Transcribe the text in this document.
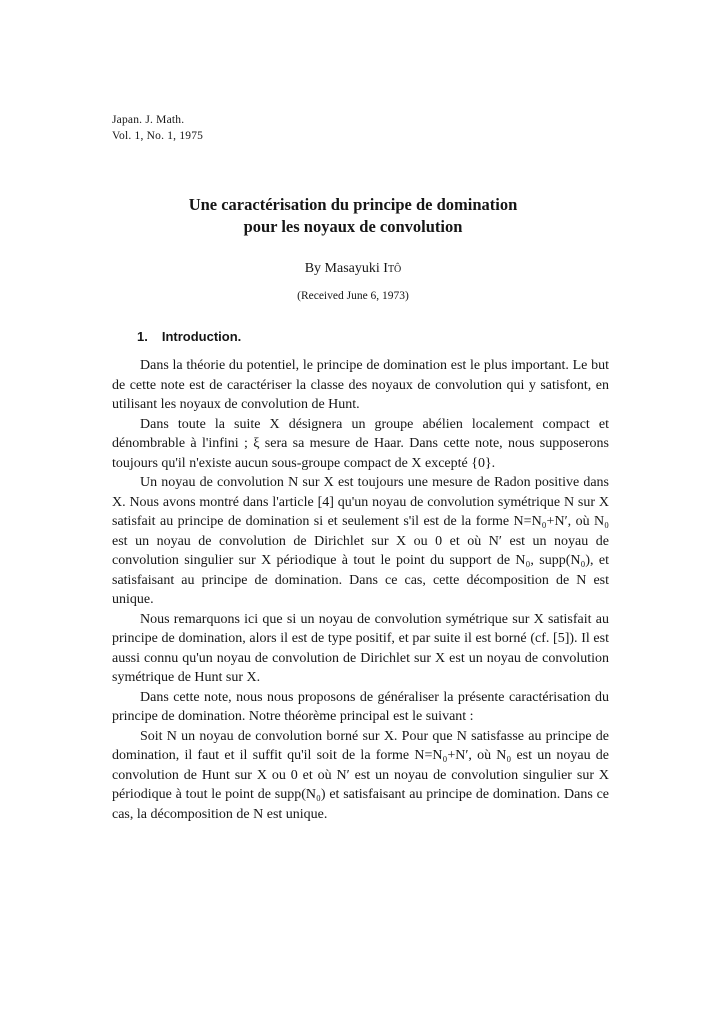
Japan. J. Math.
Vol. 1, No. 1, 1975
Une caractérisation du principe de domination
pour les noyaux de convolution
By Masayuki Itô
(Received June 6, 1973)
1. Introduction.

Dans la théorie du potentiel, le principe de domination est le plus important. Le but de cette note est de caractériser la classe des noyaux de convolution qui y satisfont, en utilisant les noyaux de convolution de Hunt.

Dans toute la suite X désignera un groupe abélien localement compact et dénombrable à l'infini ; ξ sera sa mesure de Haar. Dans cette note, nous supposerons toujours qu'il n'existe aucun sous-groupe compact de X excepté {0}.

Un noyau de convolution N sur X est toujours une mesure de Radon positive dans X. Nous avons montré dans l'article [4] qu'un noyau de convolution symétrique N sur X satisfait au principe de domination si et seulement s'il est de la forme N=N₀+N′, où N₀ est un noyau de convolution de Dirichlet sur X ou 0 et où N′ est un noyau de convolution singulier sur X périodique à tout le point du support de N₀, supp(N₀), et satisfaisant au principe de domination. Dans ce cas, cette décomposition de N est unique.

Nous remarquons ici que si un noyau de convolution symétrique sur X satisfait au principe de domination, alors il est de type positif, et par suite il est borné (cf. [5]). Il est aussi connu qu'un noyau de convolution de Dirichlet sur X est un noyau de convolution symétrique de Hunt sur X.

Dans cette note, nous nous proposons de généraliser la présente caractérisation du principe de domination. Notre théorème principal est le suivant :

Soit N un noyau de convolution borné sur X. Pour que N satisfasse au principe de domination, il faut et il suffit qu'il soit de la forme N=N₀+N′, où N₀ est un noyau de convolution de Hunt sur X ou 0 et où N′ est un noyau de convolution singulier sur X périodique à tout le point de supp(N₀) et satisfaisant au principe de domination. Dans ce cas, la décomposition de N est unique.
